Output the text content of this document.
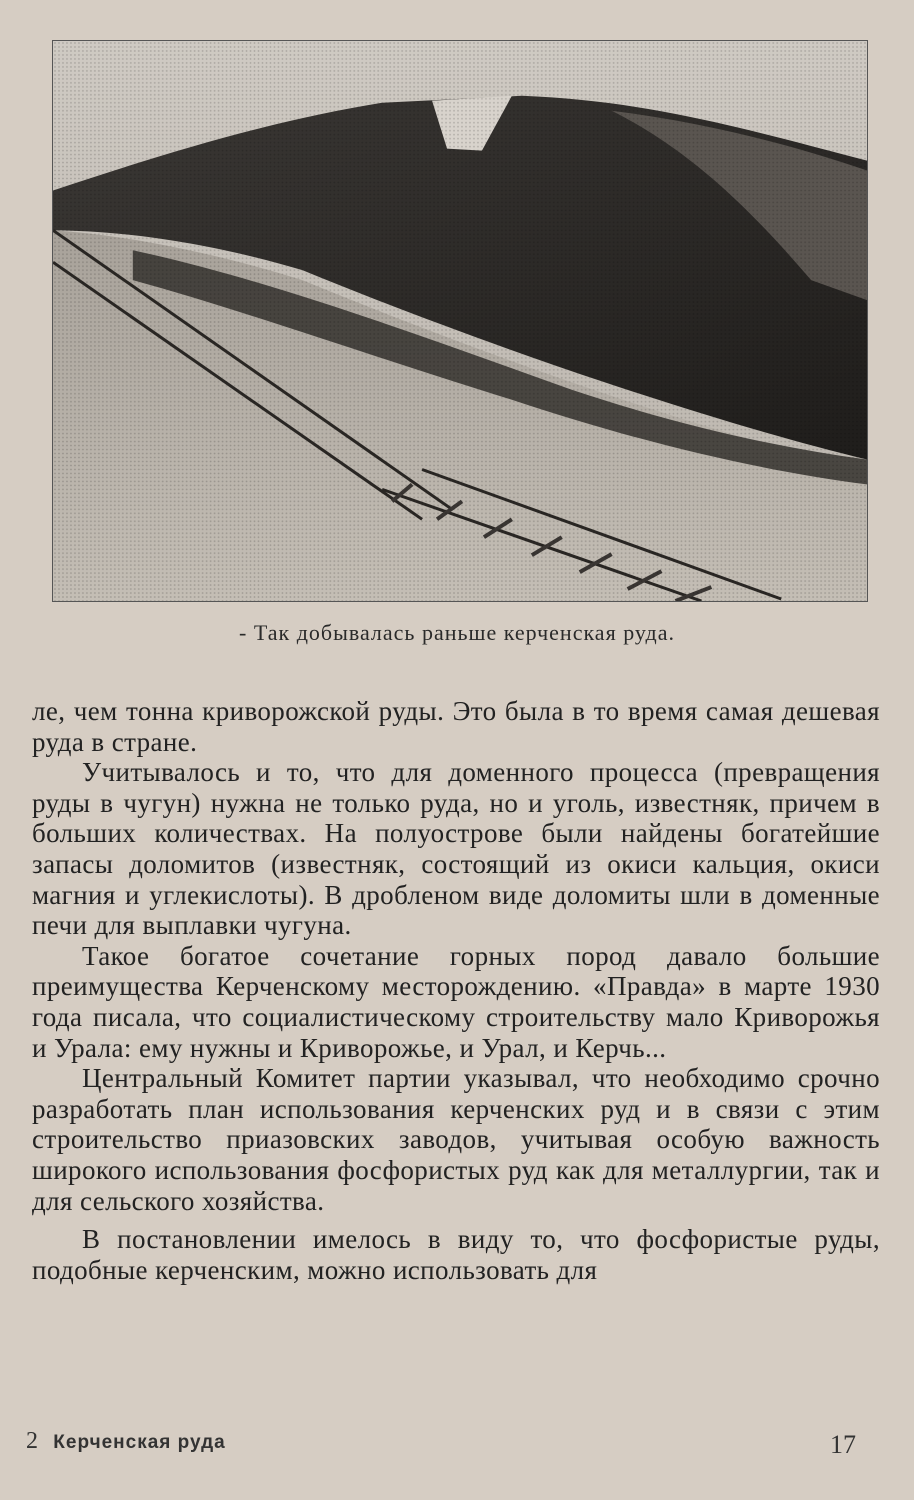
- Так добывалась раньше керченская руда.

ле, чем тонна криворожской руды. Это была в то время самая дешевая руда в стране.

Учитывалось и то, что для доменного процесса (превращения руды в чугун) нужна не только руда, но и уголь, известняк, причем в больших количествах. На полуострове были найдены богатейшие запасы доломитов (известняк, состоящий из окиси кальция, окиси магния и углекислоты). В дробленом виде доломиты шли в доменные печи для выплавки чугуна.

Такое богатое сочетание горных пород давало большие преимущества Керченскому месторождению. «Правда» в марте 1930 года писала, что социалистическому строительству мало Криворожья и Урала: ему нужны и Криворожье, и Урал, и Керчь...

Центральный Комитет партии указывал, что необходимо срочно разработать план использования керченских руд и в связи с этим строительство приазовских заводов, учитывая особую важность широкого использования фосфористых руд как для металлургии, так и для сельского хозяйства.

В постановлении имелось в виду то, что фосфористые руды, подобные керченским, можно использовать для

2 Керченская руда	17
